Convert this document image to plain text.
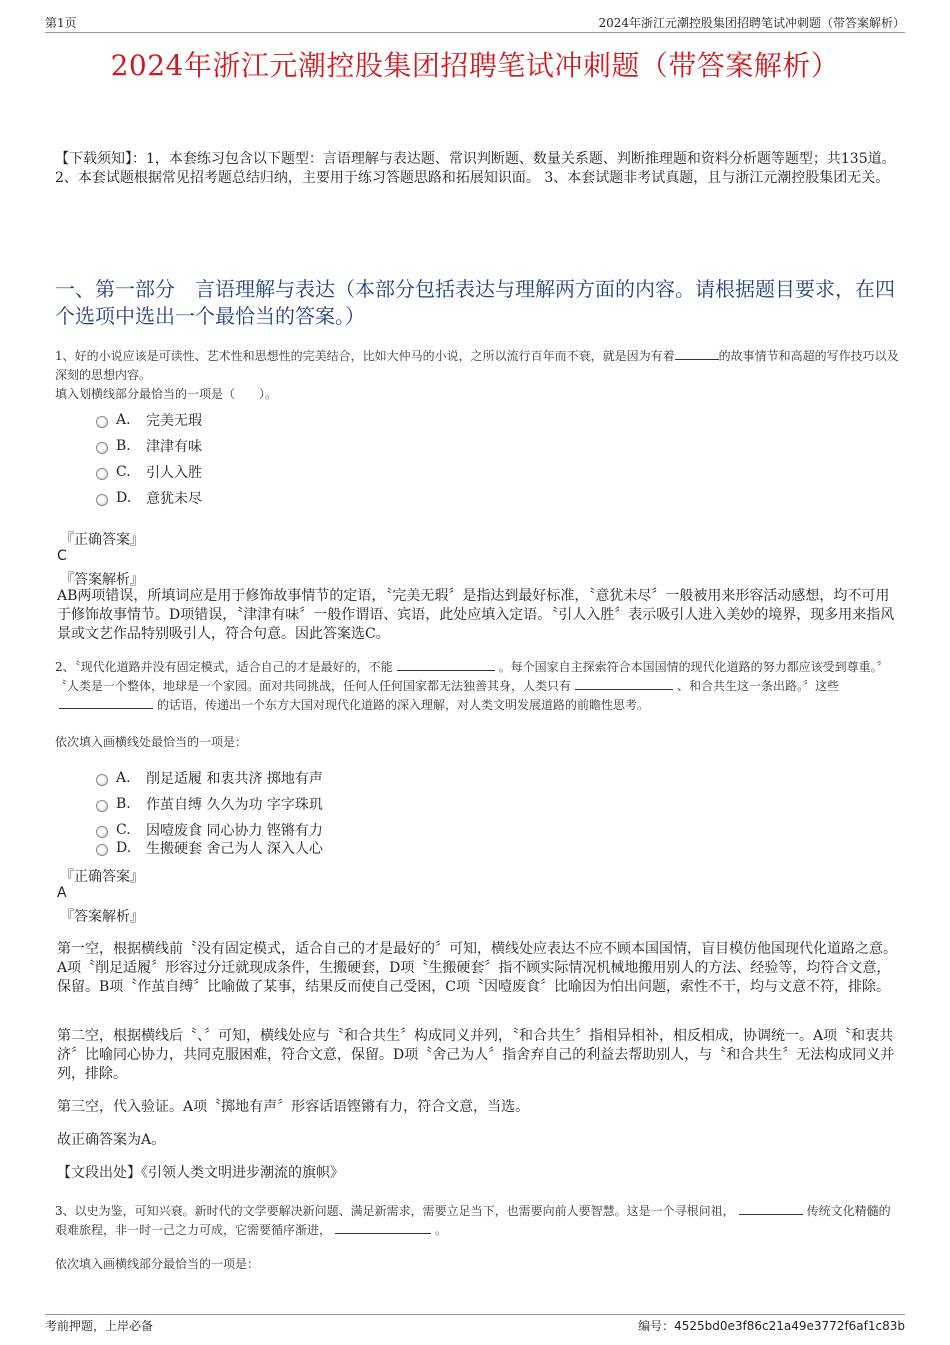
第1页	2024年浙江元潮控股集团招聘笔试冲刺题（带答案解析）
2024年浙江元潮控股集团招聘笔试冲刺题（带答案解析）
【下载须知】：1，本套练习包含以下题型：言语理解与表达题、常识判断题、数量关系题、判断推理题和资料分析题等题型；共135道。 2、本套试题根据常见招考题总结归纳，主要用于练习答题思路和拓展知识面。 3、本套试题非考试真题，且与浙江元潮控股集团无关。
一、第一部分　言语理解与表达（本部分包括表达与理解两方面的内容。请根据题目要求，在四个选项中选出一个最恰当的答案。）
1、好的小说应该是可读性、艺术性和思想性的完美结合，比如大仲马的小说，之所以流行百年而不衰，就是因为有着	的故事情节和高超的写作技巧以及深刻的思想内容。
填入划横线部分最恰当的一项是（　　）。
A.	完美无瑕
B.	津津有味
C.	引人入胜
D.	意犹未尽
『正确答案』
C
『答案解析』
AB两项错误，所填词应是用于修饰故事情节的定语，〝完美无瑕〞是指达到最好标准，〝意犹未尽〞一般被用来形容活动感想，均不可用于修饰故事情节。D项错误，〝津津有味〞一般作谓语、宾语，此处应填入定语。〝引人入胜〞表示吸引人进入美妙的境界，现多用来指风景或文艺作品特别吸引人，符合句意。因此答案选C。
2、〝现代化道路并没有固定模式，适合自己的才是最好的，不能	。每个国家自主探索符合本国国情的现代化道路的努力都应该受到尊重。〞〝人类是一个整体，地球是一个家园。面对共同挑战，任何人任何国家都无法独善其身，人类只有	、和合共生这一条出路。〞这些的话语，传递出一个东方大国对现代化道路的深入理解，对人类文明发展道路的前瞻性思考。
依次填入画横线处最恰当的一项是：
A.	削足适履 和衷共济 掷地有声
B.	作茧自缚 久久为功 字字珠玑
C.	因噎废食 同心协力 铿锵有力
D.	生搬硬套 舍己为人 深入人心
『正确答案』
A
『答案解析』
第一空，根据横线前〝没有固定模式，适合自己的才是最好的〞可知，横线处应表达不应不顾本国国情，盲目模仿他国现代化道路之意。A项〝削足适履〞形容过分迁就现成条件，生搬硬套，D项〝生搬硬套〞指不顾实际情况机械地搬用别人的方法、经验等，均符合文意，保留。B项〝作茧自缚〞比喻做了某事，结果反而使自己受困，C项〝因噎废食〞比喻因为怕出问题，索性不干，均与文意不符，排除。
第二空，根据横线后〝、〞可知，横线处应与〝和合共生〞构成同义并列，〝和合共生〞指相异相补，相反相成，协调统一。A项〝和衷共济〞比喻同心协力，共同克服困难，符合文意，保留。D项〝舍己为人〞指舍弃自己的利益去帮助别人，与〝和合共生〞无法构成同义并列，排除。
第三空，代入验证。A项〝掷地有声〞形容话语铿锵有力，符合文意，当选。
故正确答案为A。
【文段出处】《引领人类文明进步潮流的旗帜》
3、以史为鉴，可知兴衰。新时代的文学要解决新问题、满足新需求，需要立足当下，也需要向前人要智慧。这是一个寻根问祖，	传统文化精髓的艰难旅程，非一时一己之力可成，它需要循序渐进，	。
依次填入画横线部分最恰当的一项是：
考前押题，上岸必备	编号：4525bd0e3f86c21a49e3772f6af1c83b
